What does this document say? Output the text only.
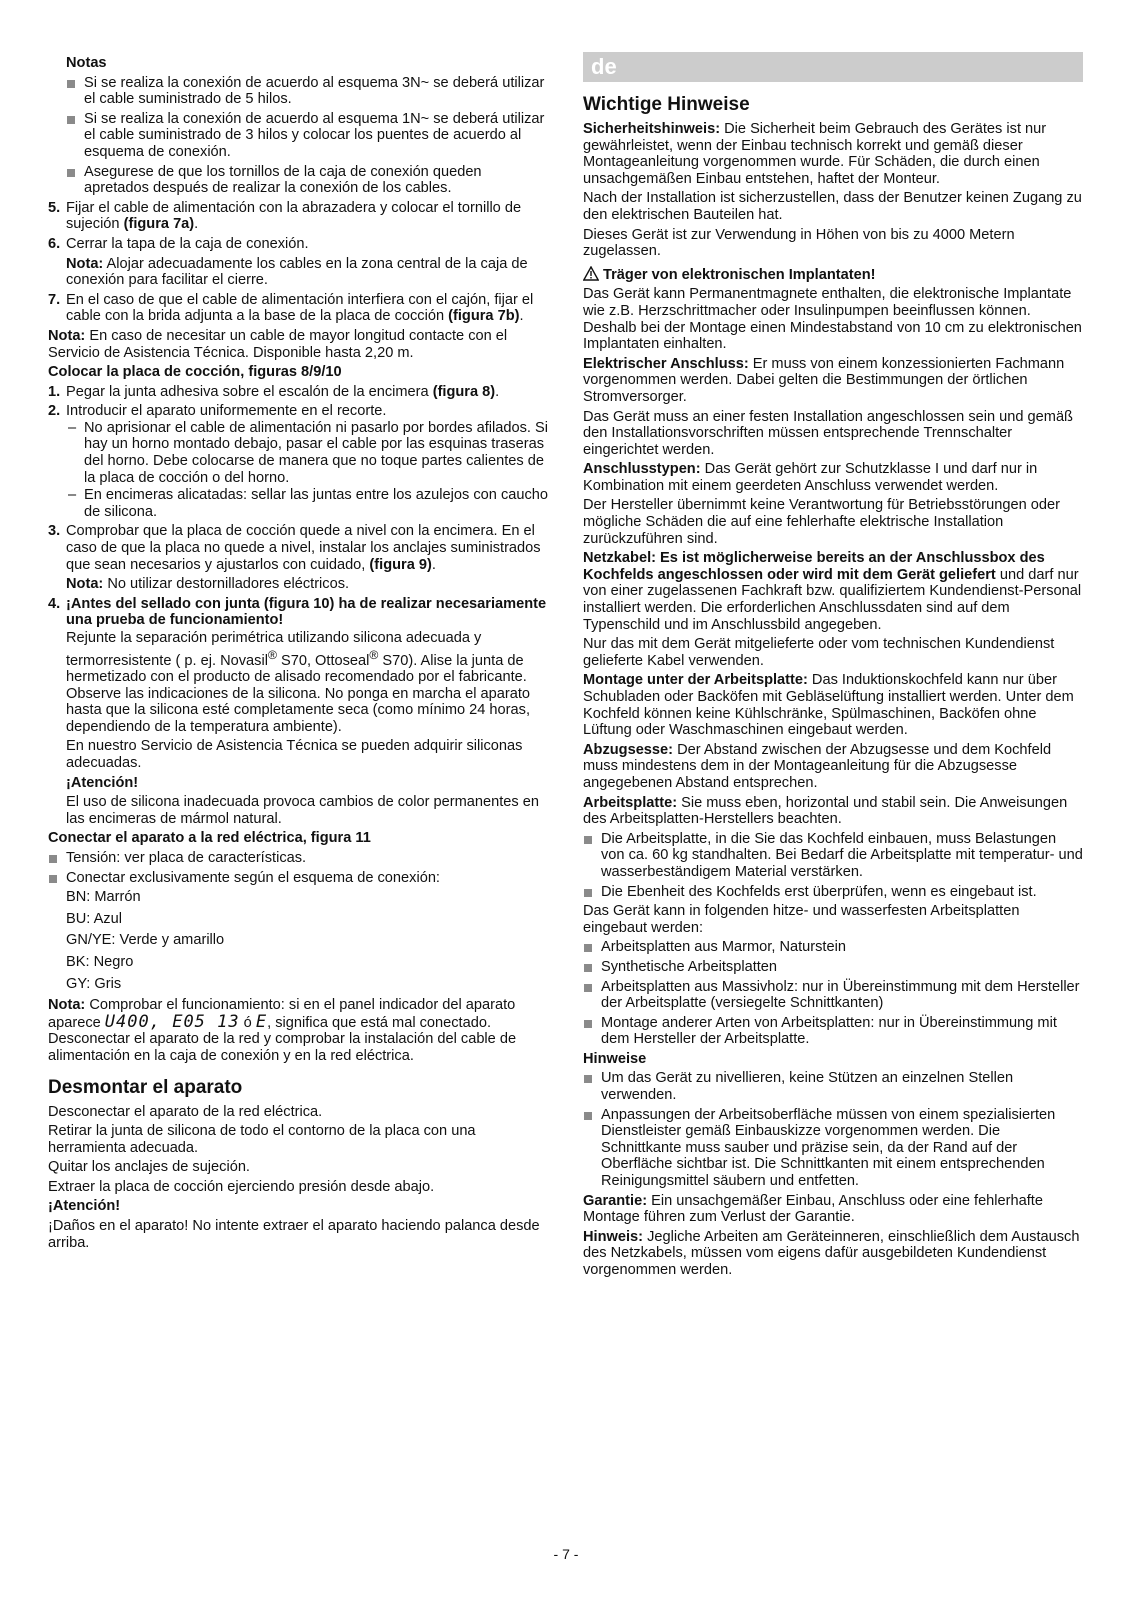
Notas
Si se realiza la conexión de acuerdo al esquema 3N~ se deberá utilizar el cable suministrado de 5 hilos.
Si se realiza la conexión de acuerdo al esquema 1N~ se deberá utilizar el cable suministrado de 3 hilos y colocar los puentes de acuerdo al esquema de conexión.
Asegurese de que los tornillos de la caja de conexión queden apretados después de realizar la conexión de los cables.
5. Fijar el cable de alimentación con la abrazadera y colocar el tornillo de sujeción (figura 7a).
6. Cerrar la tapa de la caja de conexión.

Nota: Alojar adecuadamente los cables en la zona central de la caja de conexión para facilitar el cierre.

7. En el caso de que el cable de alimentación interfiera con el cajón, fijar el cable con la brida adjunta a la base de la placa de cocción (figura 7b).

Nota: En caso de necesitar un cable de mayor longitud contacte con el Servicio de Asistencia Técnica. Disponible hasta 2,20 m.

Colocar la placa de cocción, figuras 8/9/10
1. Pegar la junta adhesiva sobre el escalón de la encimera (figura 8).
2. Introducir el aparato uniformemente en el recorte.
– No aprisionar el cable de alimentación ni pasarlo por bordes afilados. Si hay un horno montado debajo, pasar el cable por las esquinas traseras del horno. Debe colocarse de manera que no toque partes calientes de la placa de cocción o del horno.
– En encimeras alicatadas: sellar las juntas entre los azulejos con caucho de silicona.
3. Comprobar que la placa de cocción quede a nivel con la encimera. En el caso de que la placa no quede a nivel, instalar los anclajes suministrados que sean necesarios y ajustarlos con cuidado, (figura 9).

Nota: No utilizar destornilladores eléctricos.

4. ¡Antes del sellado con junta (figura 10) ha de realizar necesariamente una prueba de funcionamiento!

Rejunte la separación perimétrica utilizando silicona adecuada y termorresistente ( p. ej. Novasil® S70, Ottoseal® S70). Alise la junta de hermetizado con el producto de alisado recomendado por el fabricante. Observe las indicaciones de la silicona. No ponga en marcha el aparato hasta que la silicona esté completamente seca (como mínimo 24 horas, dependiendo de la temperatura ambiente).

En nuestro Servicio de Asistencia Técnica se pueden adquirir siliconas adecuadas.

¡Atención!

El uso de silicona inadecuada provoca cambios de color permanentes en las encimeras de mármol natural.

Conectar el aparato a la red eléctrica, figura 11
Tensión: ver placa de características.
Conectar exclusivamente según el esquema de conexión:

BN: Marrón

BU: Azul

GN/YE: Verde y amarillo

BK: Negro

GY: Gris

Nota: Comprobar el funcionamiento: si en el panel indicador del aparato aparece U400, E05 13 ó E, significa que está mal conectado. Desconectar el aparato de la red y comprobar la instalación del cable de alimentación en la caja de conexión y en la red eléctrica.

Desmontar el aparato

Desconectar el aparato de la red eléctrica.

Retirar la junta de silicona de todo el contorno de la placa con una herramienta adecuada.

Quitar los anclajes de sujeción.

Extraer la placa de cocción ejerciendo presión desde abajo.

¡Atención!

¡Daños en el aparato! No intente extraer el aparato haciendo palanca desde arriba.

de
Wichtige Hinweise

Sicherheitshinweis: Die Sicherheit beim Gebrauch des Gerätes ist nur gewährleistet, wenn der Einbau technisch korrekt und gemäß dieser Montageanleitung vorgenommen wurde. Für Schäden, die durch einen unsachgemäßen Einbau entstehen, haftet der Monteur.

Nach der Installation ist sicherzustellen, dass der Benutzer keinen Zugang zu den elektrischen Bauteilen hat.

Dieses Gerät ist zur Verwendung in Höhen von bis zu 4000 Metern zugelassen.

Träger von elektronischen Implantaten!

Das Gerät kann Permanentmagnete enthalten, die elektronische Implantate wie z.B. Herzschrittmacher oder Insulinpumpen beeinflussen können. Deshalb bei der Montage einen Mindestabstand von 10 cm zu elektronischen Implantaten einhalten.

Elektrischer Anschluss: Er muss von einem konzessionierten Fachmann vorgenommen werden. Dabei gelten die Bestimmungen der örtlichen Stromversorger.

Das Gerät muss an einer festen Installation angeschlossen sein und gemäß den Installationsvorschriften müssen entsprechende Trennschalter eingerichtet werden.

Anschlusstypen: Das Gerät gehört zur Schutzklasse I und darf nur in Kombination mit einem geerdeten Anschluss verwendet werden.

Der Hersteller übernimmt keine Verantwortung für Betriebsstörungen oder mögliche Schäden die auf eine fehlerhafte elektrische Installation zurückzuführen sind.

Netzkabel: Es ist möglicherweise bereits an der Anschlussbox des Kochfelds angeschlossen oder wird mit dem Gerät geliefert und darf nur von einer zugelassenen Fachkraft bzw. qualifiziertem Kundendienst-Personal installiert werden. Die erforderlichen Anschlussdaten sind auf dem Typenschild und im Anschlussbild angegeben.

Nur das mit dem Gerät mitgelieferte oder vom technischen Kundendienst gelieferte Kabel verwenden.

Montage unter der Arbeitsplatte: Das Induktionskochfeld kann nur über Schubladen oder Backöfen mit Gebläselüftung installiert werden. Unter dem Kochfeld können keine Kühlschränke, Spülmaschinen, Backöfen ohne Lüftung oder Waschmaschinen eingebaut werden.

Abzugsesse: Der Abstand zwischen der Abzugsesse und dem Kochfeld muss mindestens dem in der Montageanleitung für die Abzugsesse angegebenen Abstand entsprechen.

Arbeitsplatte: Sie muss eben, horizontal und stabil sein. Die Anweisungen des Arbeitsplatten-Herstellers beachten.

Die Arbeitsplatte, in die Sie das Kochfeld einbauen, muss Belastungen von ca. 60 kg standhalten. Bei Bedarf die Arbeitsplatte mit temperatur- und wasserbeständigem Material verstärken.
Die Ebenheit des Kochfelds erst überprüfen, wenn es eingebaut ist.

Das Gerät kann in folgenden hitze- und wasserfesten Arbeitsplatten eingebaut werden:

Arbeitsplatten aus Marmor, Naturstein
Synthetische Arbeitsplatten
Arbeitsplatten aus Massivholz: nur in Übereinstimmung mit dem Hersteller der Arbeitsplatte (versiegelte Schnittkanten)
Montage anderer Arten von Arbeitsplatten: nur in Übereinstimmung mit dem Hersteller der Arbeitsplatte.
Hinweise
Um das Gerät zu nivellieren, keine Stützen an einzelnen Stellen verwenden.
Anpassungen der Arbeitsoberfläche müssen von einem spezialisierten Dienstleister gemäß Einbauskizze vorgenommen werden. Die Schnittkante muss sauber und präzise sein, da der Rand auf der Oberfläche sichtbar ist. Die Schnittkanten mit einem entsprechenden Reinigungsmittel säubern und entfetten.

Garantie: Ein unsachgemäßer Einbau, Anschluss oder eine fehlerhafte Montage führen zum Verlust der Garantie.

Hinweis: Jegliche Arbeiten am Geräteinneren, einschließlich dem Austausch des Netzkabels, müssen vom eigens dafür ausgebildeten Kundendienst vorgenommen werden.

- 7 -
